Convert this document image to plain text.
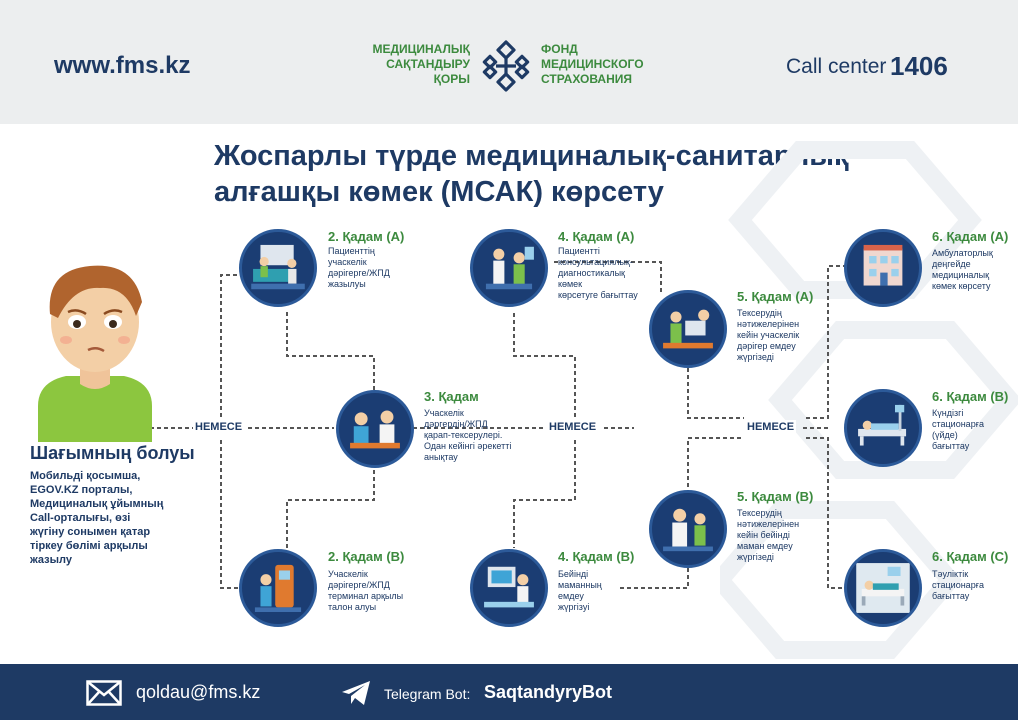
www.fms.kz
МЕДИЦИНАЛЫҚ
САҚТАНДЫРУ
ҚОРЫ
ФОНД
МЕДИЦИНСКОГО
СТРАХОВАНИЯ
Call center 1406
Жоспарлы түрде медициналық-санитарлық
алғашқы көмек (МСАК) көрсету
Шағымның болуы
Мобильді қосымша,
EGOV.KZ порталы,
Медициналық ұйымның
Call-орталығы, өзі
жүгіну сонымен қатар
тіркеу бөлімі арқылы
жазылу
НЕМЕСЕ	НЕМЕСЕ	НЕМЕСЕ
2. Қадам (А)
Пациенттің
учаскелік
дәрігерге/ЖПД
жазылуы
2. Қадам (В)
Учаскелік
дәрігерге/ЖПД
терминал арқылы
талон алуы
3. Қадам
Учаскелік
дәргердің/ЖПД
қарап-тексерулері.
Одан кейінгі әрекетті
анықтау
4. Қадам (А)
Пациентті
консультациялық-
диагностикалық
көмек
көрсетуге бағыттау
4. Қадам (В)
Бейінді
маманның
емдеу
жүргізуі
5. Қадам (А)
Тексерудің
нәтижелерінен
кейін учаскелік
дәрігер емдеу
жүргізеді
5. Қадам (В)
Тексерудің
нәтижелерінен
кейін бейінді
маман емдеу
жүргізеді
6. Қадам (А)
Амбулаторлық
деңгейде
медициналық
көмек көрсету
6. Қадам (В)
Күндізгі
стационарға
(үйде)
бағыттау
6. Қадам (С)
Тәуліктік
стационарға
бағыттау
qoldau@fms.kz	Telegram Bot: SaqtandyryBot
